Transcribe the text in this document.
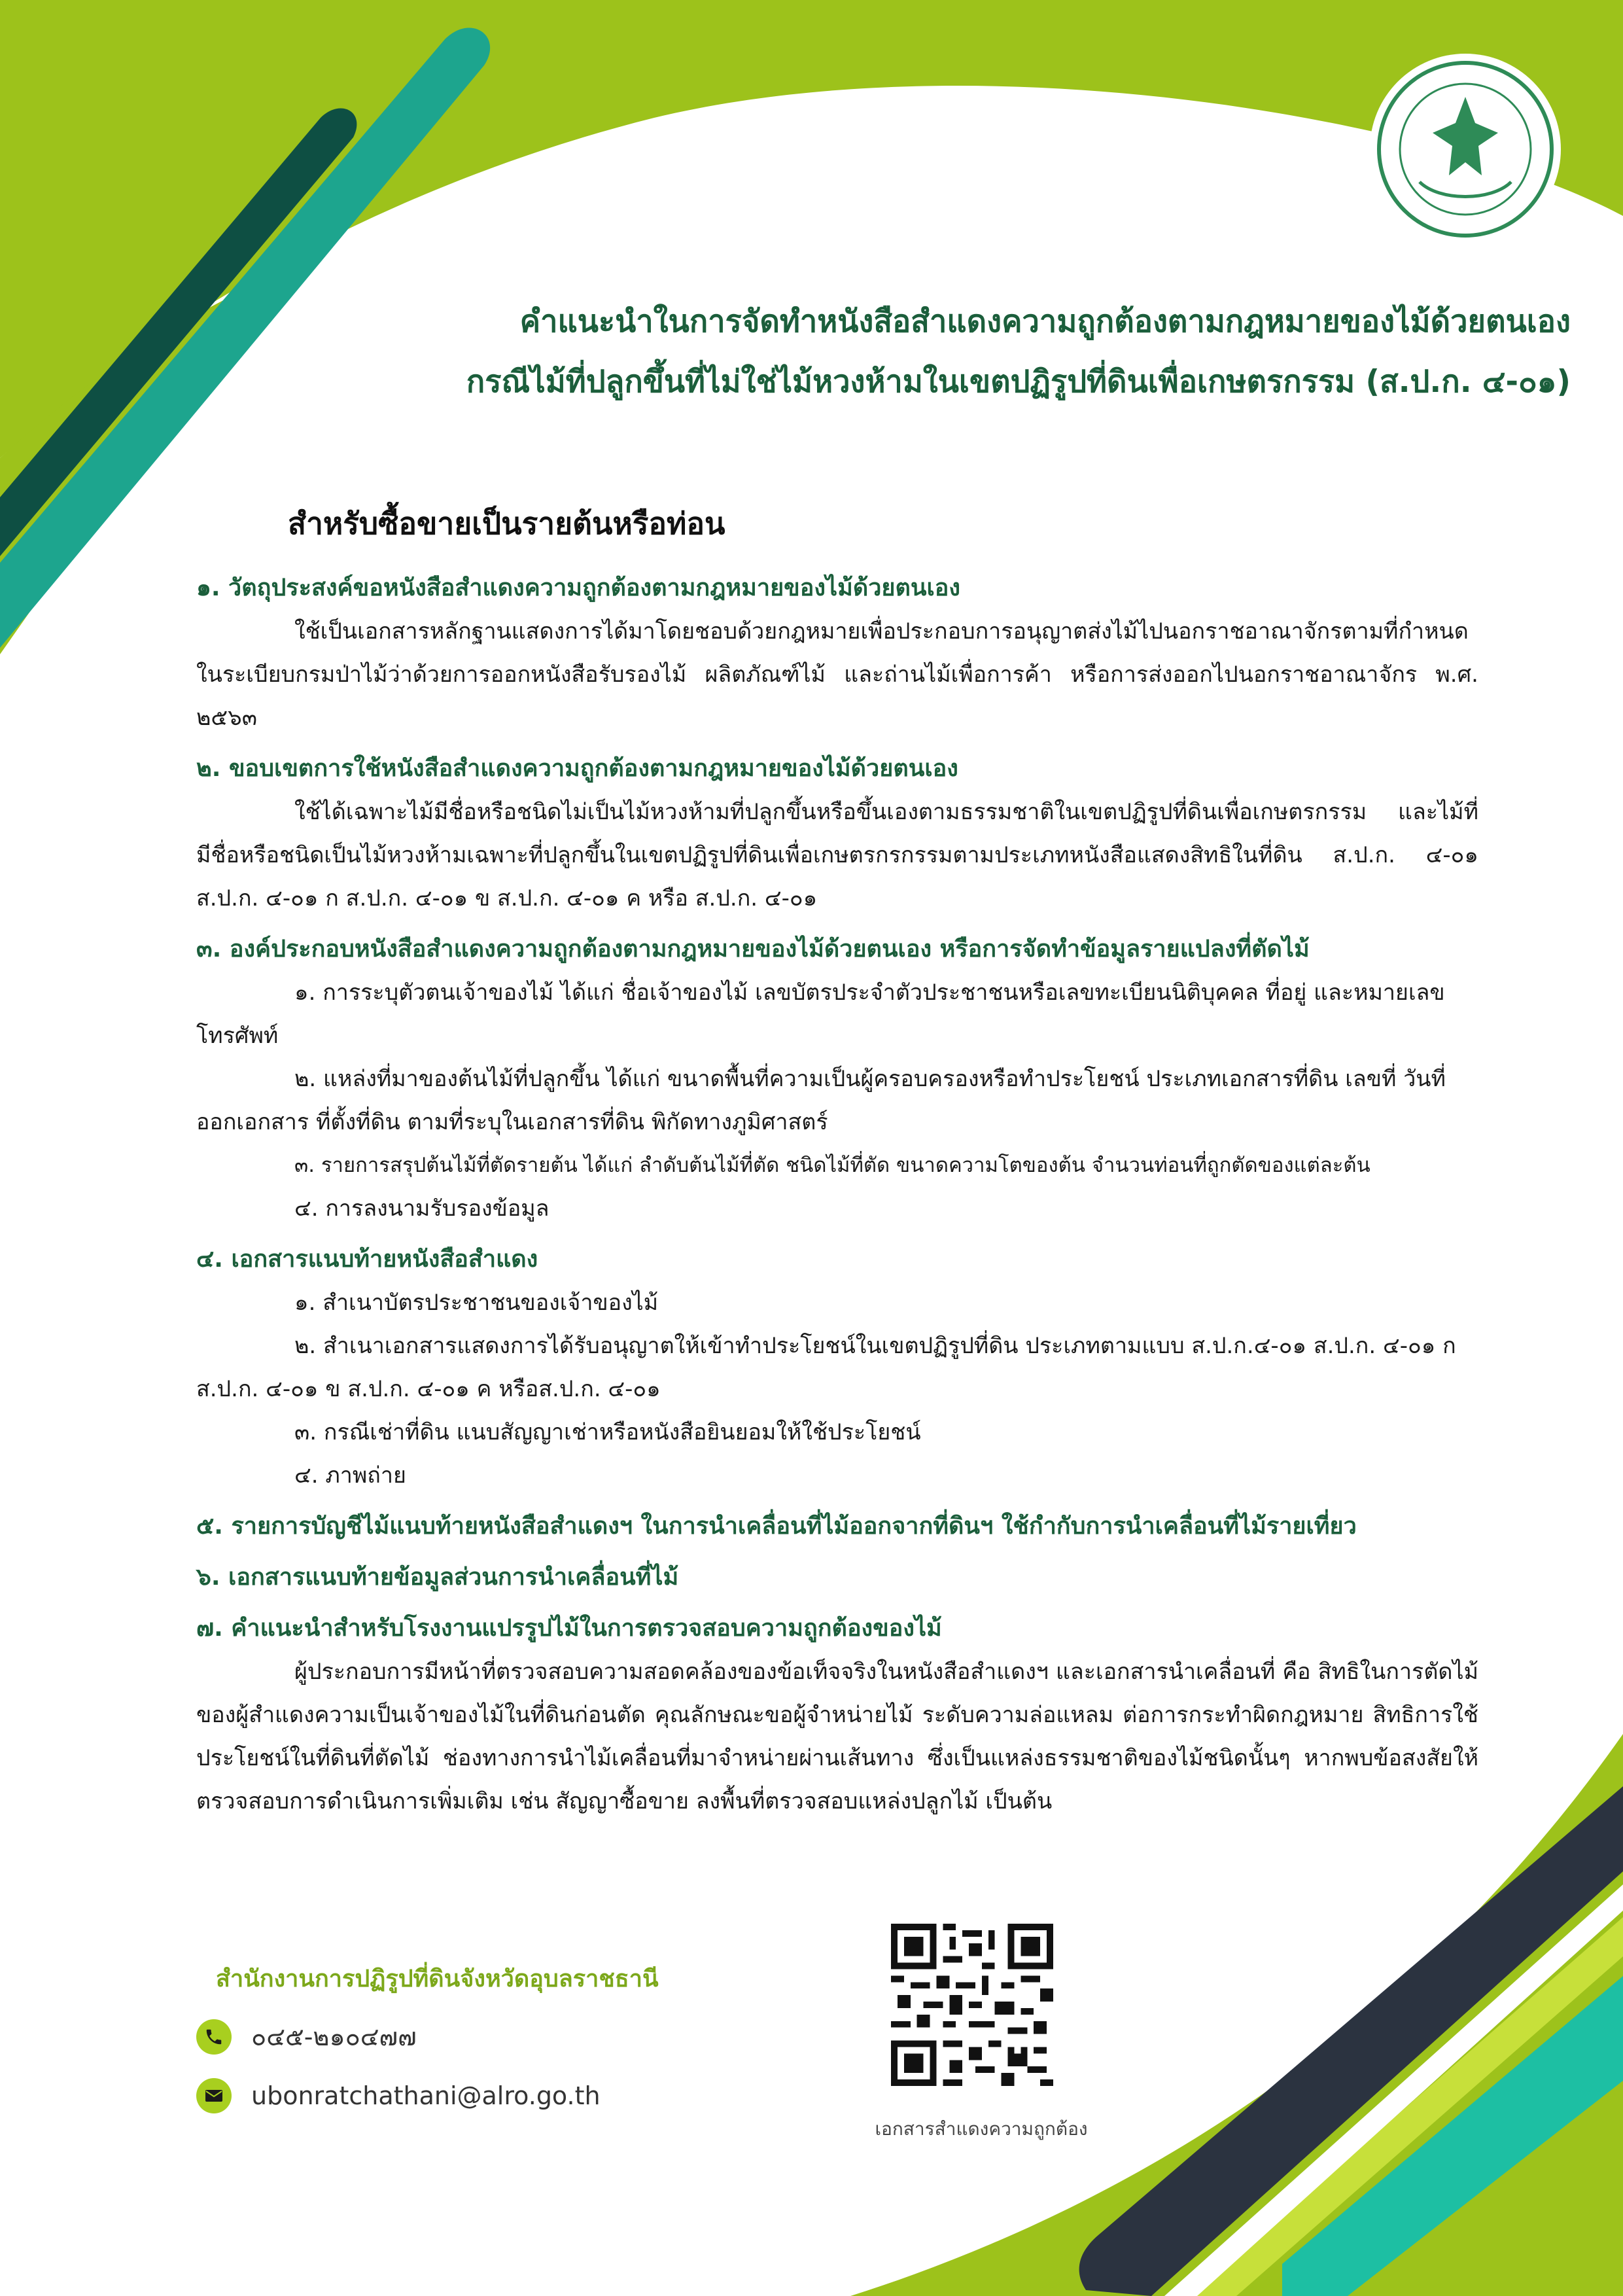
คำแนะนำในการจัดทำหนังสือสำแดงความถูกต้องตามกฎหมายของไม้ด้วยตนเอง
กรณีไม้ที่ปลูกขึ้นที่ไม่ใช่ไม้หวงห้ามในเขตปฏิรูปที่ดินเพื่อเกษตรกรรม (ส.ป.ก. ๔-๐๑)
สำหรับซื้อขายเป็นรายต้นหรือท่อน
๑. วัตถุประสงค์ขอหนังสือสำแดงความถูกต้องตามกฎหมายของไม้ด้วยตนเอง
ใช้เป็นเอกสารหลักฐานแสดงการได้มาโดยชอบด้วยกฎหมายเพื่อประกอบการอนุญาตส่งไม้ไปนอกราชอาณาจักรตามที่กำหนดในระเบียบกรมป่าไม้ว่าด้วยการออกหนังสือรับรองไม้ ผลิตภัณฑ์ไม้ และถ่านไม้เพื่อการค้า หรือการส่งออกไปนอกราชอาณาจักร พ.ศ. ๒๕๖๓
๒. ขอบเขตการใช้หนังสือสำแดงความถูกต้องตามกฎหมายของไม้ด้วยตนเอง
ใช้ได้เฉพาะไม้มีชื่อหรือชนิดไม่เป็นไม้หวงห้ามที่ปลูกขึ้นหรือขึ้นเองตามธรรมชาติในเขตปฏิรูปที่ดินเพื่อเกษตรกรรม และไม้ที่มีชื่อหรือชนิดเป็นไม้หวงห้ามเฉพาะที่ปลูกขึ้นในเขตปฏิรูปที่ดินเพื่อเกษตรกรกรรมตามประเภทหนังสือแสดงสิทธิในที่ดิน ส.ป.ก. ๔-๐๑ ส.ป.ก. ๔-๐๑ ก ส.ป.ก. ๔-๐๑ ข ส.ป.ก. ๔-๐๑ ค หรือ ส.ป.ก. ๔-๐๑
๓. องค์ประกอบหนังสือสำแดงความถูกต้องตามกฎหมายของไม้ด้วยตนเอง หรือการจัดทำข้อมูลรายแปลงที่ตัดไม้
๑. การระบุตัวตนเจ้าของไม้ ได้แก่ ชื่อเจ้าของไม้ เลขบัตรประจำตัวประชาชนหรือเลขทะเบียนนิติบุคคล ที่อยู่ และหมายเลขโทรศัพท์
๒. แหล่งที่มาของต้นไม้ที่ปลูกขึ้น ได้แก่ ขนาดพื้นที่ความเป็นผู้ครอบครองหรือทำประโยชน์ ประเภทเอกสารที่ดิน เลขที่ วันที่ออกเอกสาร ที่ตั้งที่ดิน ตามที่ระบุในเอกสารที่ดิน พิกัดทางภูมิศาสตร์
๓. รายการสรุปต้นไม้ที่ตัดรายต้น ได้แก่ ลำดับต้นไม้ที่ตัด ชนิดไม้ที่ตัด ขนาดความโตของต้น จำนวนท่อนที่ถูกตัดของแต่ละต้น
๔. การลงนามรับรองข้อมูล
๔. เอกสารแนบท้ายหนังสือสำแดง
๑. สำเนาบัตรประชาชนของเจ้าของไม้
๒. สำเนาเอกสารแสดงการได้รับอนุญาตให้เข้าทำประโยชน์ในเขตปฏิรูปที่ดิน ประเภทตามแบบ ส.ป.ก.๔-๐๑ ส.ป.ก. ๔-๐๑ ก ส.ป.ก. ๔-๐๑ ข ส.ป.ก. ๔-๐๑ ค หรือส.ป.ก. ๔-๐๑
๓. กรณีเช่าที่ดิน แนบสัญญาเช่าหรือหนังสือยินยอมให้ใช้ประโยชน์
๔. ภาพถ่าย
๕. รายการบัญชีไม้แนบท้ายหนังสือสำแดงฯ ในการนำเคลื่อนที่ไม้ออกจากที่ดินฯ ใช้กำกับการนำเคลื่อนที่ไม้รายเที่ยว
๖. เอกสารแนบท้ายข้อมูลส่วนการนำเคลื่อนที่ไม้
๗. คำแนะนำสำหรับโรงงานแปรรูปไม้ในการตรวจสอบความถูกต้องของไม้
ผู้ประกอบการมีหน้าที่ตรวจสอบความสอดคล้องของข้อเท็จจริงในหนังสือสำแดงฯ และเอกสารนำเคลื่อนที่ คือ สิทธิในการตัดไม้ของผู้สำแดงความเป็นเจ้าของไม้ในที่ดินก่อนตัด คุณลักษณะขอผู้จำหน่ายไม้ ระดับความล่อแหลม ต่อการกระทำผิดกฎหมาย สิทธิการใช้ประโยชน์ในที่ดินที่ตัดไม้ ช่องทางการนำไม้เคลื่อนที่มาจำหน่ายผ่านเส้นทาง ซึ่งเป็นแหล่งธรรมชาติของไม้ชนิดนั้นๆ หากพบข้อสงสัยให้ตรวจสอบการดำเนินการเพิ่มเติม เช่น สัญญาซื้อขาย ลงพื้นที่ตรวจสอบแหล่งปลูกไม้ เป็นต้น
สำนักงานการปฏิรูปที่ดินจังหวัดอุบลราชธานี
๐๔๕-๒๑๐๔๗๗
ubonratchathani@alro.go.th
เอกสารสำแดงความถูกต้อง
